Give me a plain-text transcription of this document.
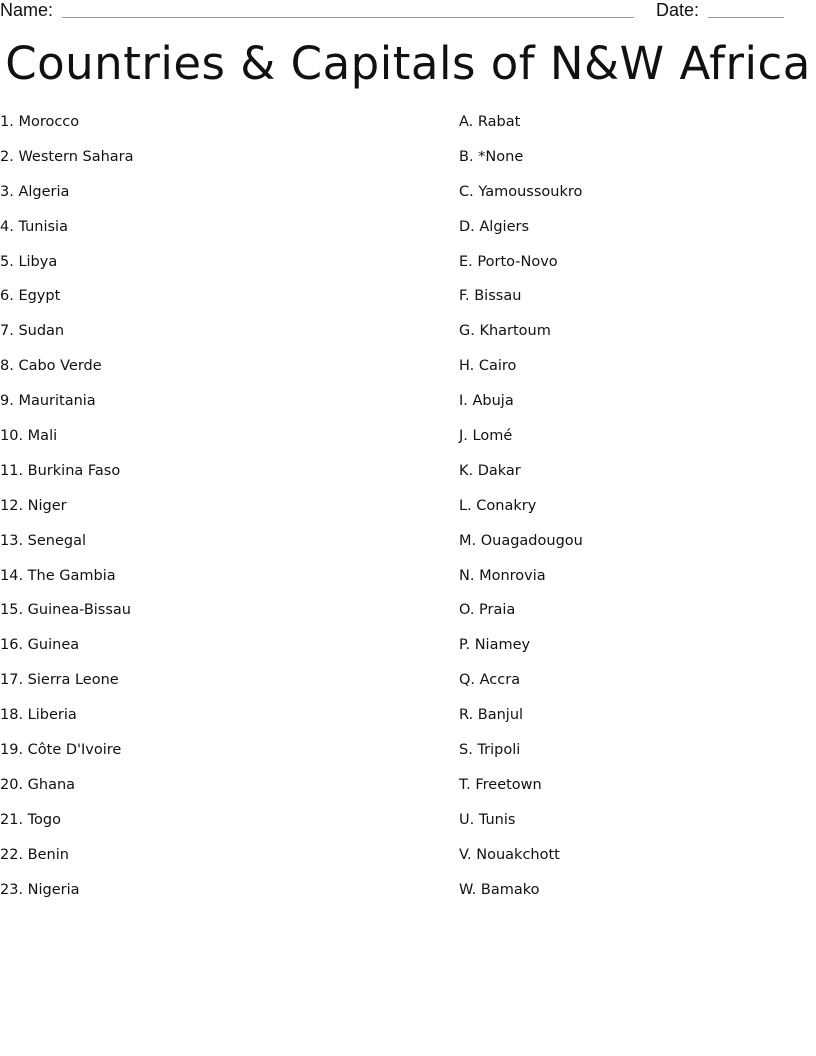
Name:	Date:
Countries & Capitals of N&W Africa
1. Morocco
2. Western Sahara
3. Algeria
4. Tunisia
5. Libya
6. Egypt
7. Sudan
8. Cabo Verde
9. Mauritania
10. Mali
11. Burkina Faso
12. Niger
13. Senegal
14. The Gambia
15. Guinea-Bissau
16. Guinea
17. Sierra Leone
18. Liberia
19. Côte D'Ivoire
20. Ghana
21. Togo
22. Benin
23. Nigeria
A. Rabat
B. *None
C. Yamoussoukro
D. Algiers
E. Porto-Novo
F. Bissau
G. Khartoum
H. Cairo
I. Abuja
J. Lomé
K. Dakar
L. Conakry
M. Ouagadougou
N. Monrovia
O. Praia
P. Niamey
Q. Accra
R. Banjul
S. Tripoli
T. Freetown
U. Tunis
V. Nouakchott
W. Bamako
